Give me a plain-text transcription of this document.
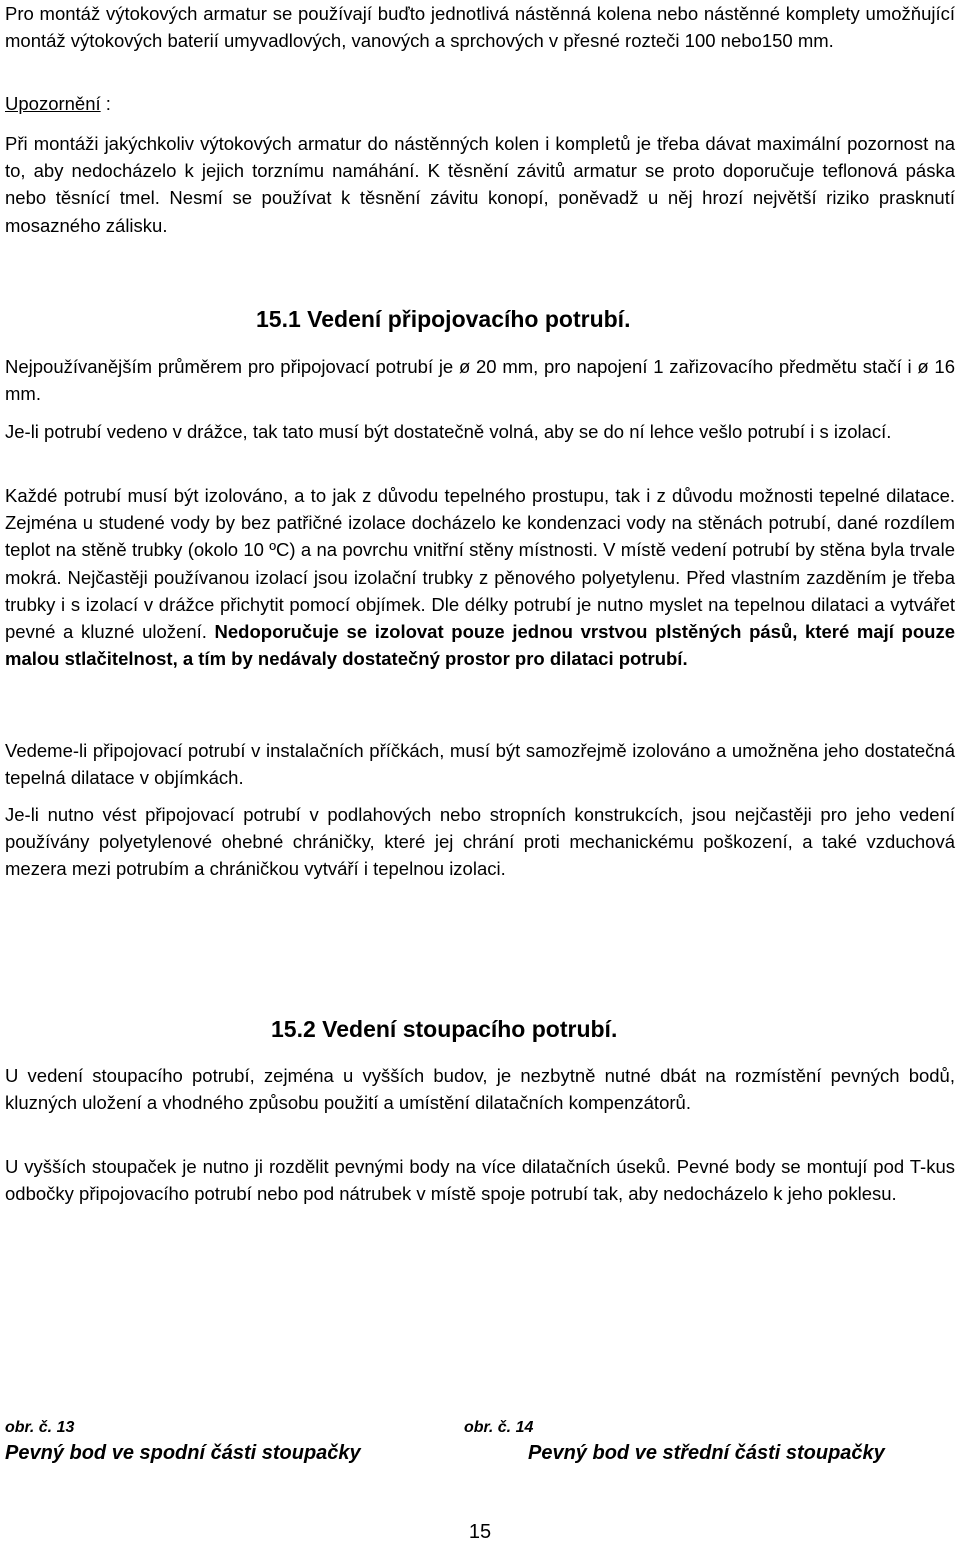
Pro montáž výtokových armatur se používají buďto jednotlivá nástěnná kolena nebo nástěnné komplety umožňující montáž výtokových baterií umyvadlových, vanových a sprchových v přesné rozteči 100 nebo150 mm.

Upozornění :

Při montáži jakýchkoliv výtokových armatur do nástěnných kolen i kompletů je třeba dávat maximální pozornost na to, aby nedocházelo k jejich torznímu namáhání. K těsnění závitů armatur se proto doporučuje teflonová páska nebo těsnící tmel. Nesmí se používat k těsnění závitu konopí, poněvadž u něj hrozí největší riziko prasknutí mosazného zálisku.

15.1 Vedení připojovacího potrubí.

Nejpoužívanějším průměrem pro připojovací potrubí je ø 20 mm, pro napojení 1 zařizovacího předmětu stačí i ø 16 mm.

Je-li potrubí vedeno v drážce, tak tato musí být dostatečně volná, aby se do ní lehce vešlo potrubí i s izolací.

Každé potrubí musí být izolováno, a to jak z důvodu tepelného prostupu, tak i z důvodu možnosti tepelné dilatace. Zejména u studené vody by bez patřičné izolace docházelo ke kondenzaci vody na stěnách potrubí, dané rozdílem teplot na stěně trubky (okolo 10 ºC) a na povrchu vnitřní stěny místnosti. V místě vedení potrubí by stěna byla trvale mokrá. Nejčastěji používanou izolací jsou izolační trubky z pěnového polyetylenu. Před vlastním zazděním je třeba trubky i s izolací v drážce přichytit pomocí objímek. Dle délky potrubí je nutno myslet na tepelnou dilataci a vytvářet pevné a kluzné uložení. Nedoporučuje se izolovat pouze jednou vrstvou plstěných pásů, které mají pouze malou stlačitelnost, a tím by nedávaly dostatečný prostor pro dilataci potrubí.

Vedeme-li připojovací potrubí v instalačních příčkách, musí být samozřejmě izolováno a umožněna jeho dostatečná tepelná dilatace v objímkách.

Je-li nutno vést připojovací potrubí v podlahových nebo stropních konstrukcích, jsou nejčastěji pro jeho vedení používány polyetylenové ohebné chráničky, které jej chrání proti mechanickému poškození, a také vzduchová mezera mezi potrubím a chráničkou vytváří i tepelnou izolaci.

15.2 Vedení stoupacího potrubí.

U vedení stoupacího potrubí, zejména u vyšších budov, je nezbytně nutné dbát na rozmístění pevných bodů, kluzných uložení a vhodného způsobu použití a umístění dilatačních kompenzátorů.

U vyšších stoupaček je nutno ji rozdělit pevnými body na více dilatačních úseků. Pevné body se montují pod T-kus odbočky připojovacího potrubí nebo pod nátrubek v místě spoje potrubí tak, aby nedocházelo k jeho poklesu.

obr. č. 13

Pevný bod ve spodní části stoupačky

obr. č. 14

Pevný bod ve střední části stoupačky

15
